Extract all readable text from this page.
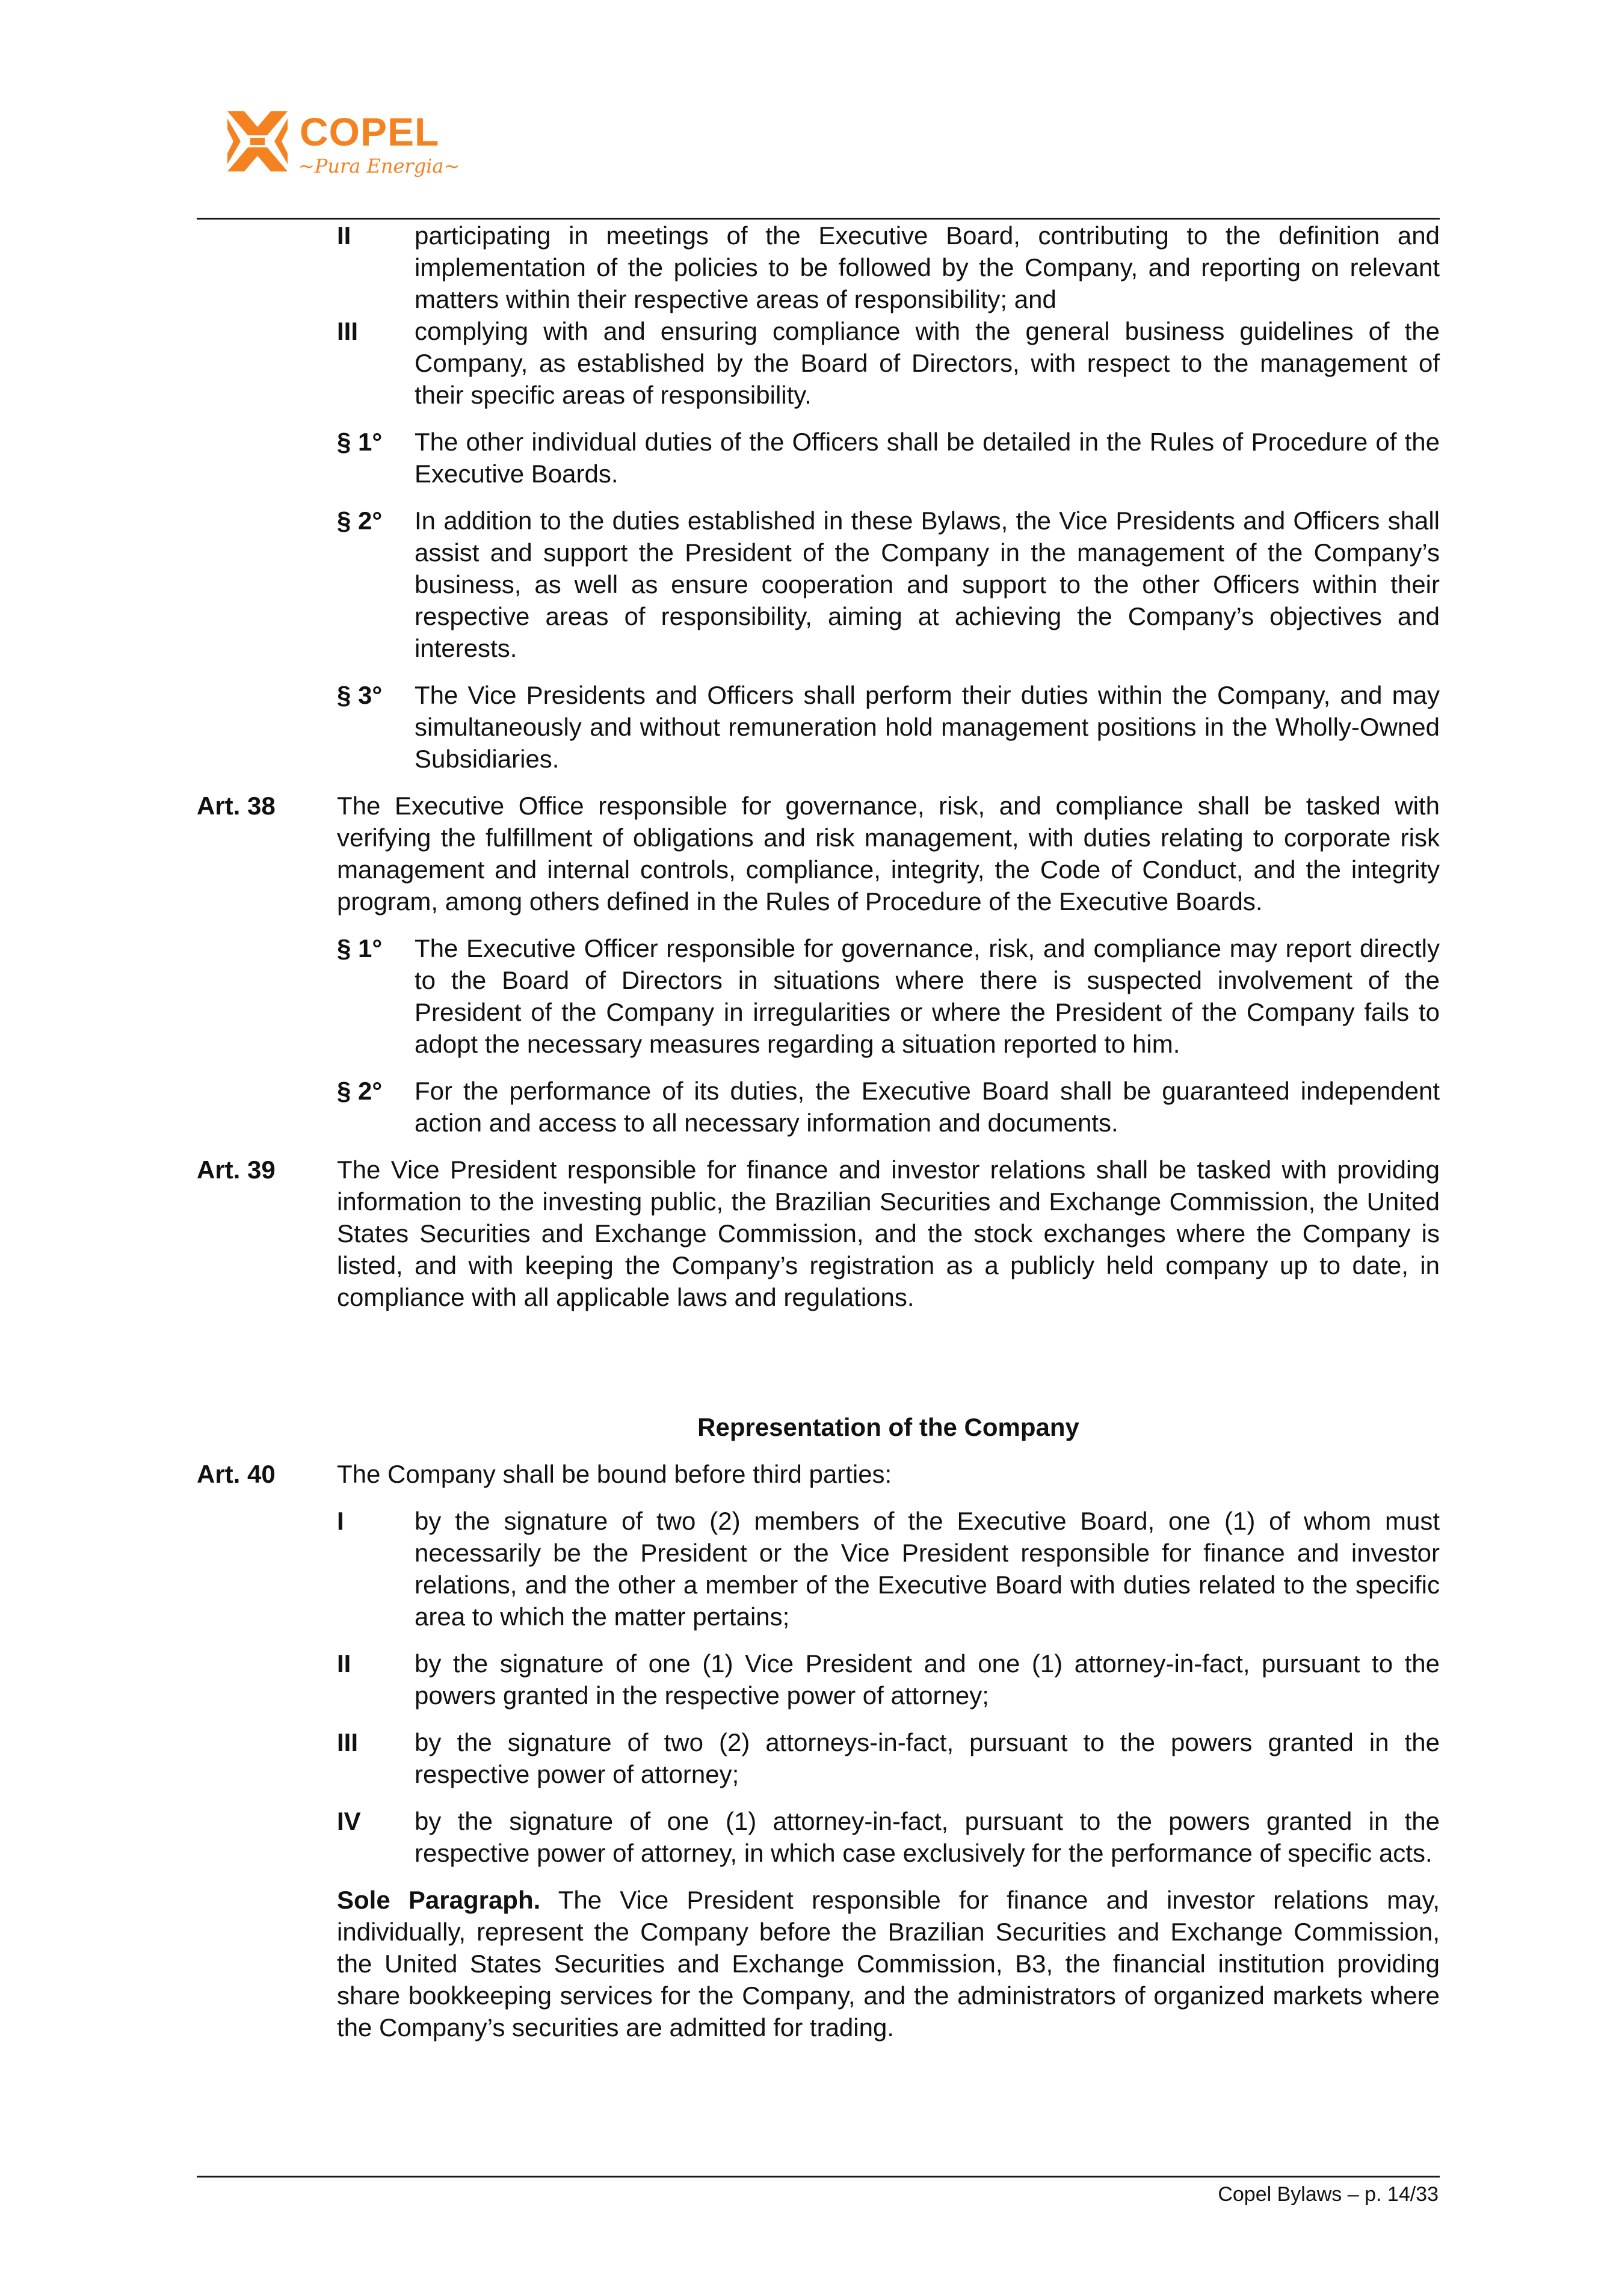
COPEL
~Pura Energia~
II	participating in meetings of the Executive Board, contributing to the definition and implementation of the policies to be followed by the Company, and reporting on relevant matters within their respective areas of responsibility; and

III	complying with and ensuring compliance with the general business guidelines of the Company, as established by the Board of Directors, with respect to the management of their specific areas of responsibility.

§ 1°	The other individual duties of the Officers shall be detailed in the Rules of Procedure of the Executive Boards.

§ 2°	In addition to the duties established in these Bylaws, the Vice Presidents and Officers shall assist and support the President of the Company in the management of the Company’s business, as well as ensure cooperation and support to the other Officers within their respective areas of responsibility, aiming at achieving the Company’s objectives and interests.

§ 3°	The Vice Presidents and Officers shall perform their duties within the Company, and may simultaneously and without remuneration hold management positions in the Wholly-Owned Subsidiaries.

Art. 38	The Executive Office responsible for governance, risk, and compliance shall be tasked with verifying the fulfillment of obligations and risk management, with duties relating to corporate risk management and internal controls, compliance, integrity, the Code of Conduct, and the integrity program, among others defined in the Rules of Procedure of the Executive Boards.

§ 1°	The Executive Officer responsible for governance, risk, and compliance may report directly to the Board of Directors in situations where there is suspected involvement of the President of the Company in irregularities or where the President of the Company fails to adopt the necessary measures regarding a situation reported to him.

§ 2°	For the performance of its duties, the Executive Board shall be guaranteed independent action and access to all necessary information and documents.

Art. 39	The Vice President responsible for finance and investor relations shall be tasked with providing information to the investing public, the Brazilian Securities and Exchange Commission, the United States Securities and Exchange Commission, and the stock exchanges where the Company is listed, and with keeping the Company’s registration as a publicly held company up to date, in compliance with all applicable laws and regulations.

Representation of the Company
Art. 40	The Company shall be bound before third parties:

I	by the signature of two (2) members of the Executive Board, one (1) of whom must necessarily be the President or the Vice President responsible for finance and investor relations, and the other a member of the Executive Board with duties related to the specific area to which the matter pertains;

II	by the signature of one (1) Vice President and one (1) attorney-in-fact, pursuant to the powers granted in the respective power of attorney;

III	by the signature of two (2) attorneys-in-fact, pursuant to the powers granted in the respective power of attorney;

IV	by the signature of one (1) attorney-in-fact, pursuant to the powers granted in the respective power of attorney, in which case exclusively for the performance of specific acts.

Sole Paragraph. The Vice President responsible for finance and investor relations may, individually, represent the Company before the Brazilian Securities and Exchange Commission, the United States Securities and Exchange Commission, B3, the financial institution providing share bookkeeping services for the Company, and the administrators of organized markets where the Company’s securities are admitted for trading.

Copel Bylaws – p. 14/33
